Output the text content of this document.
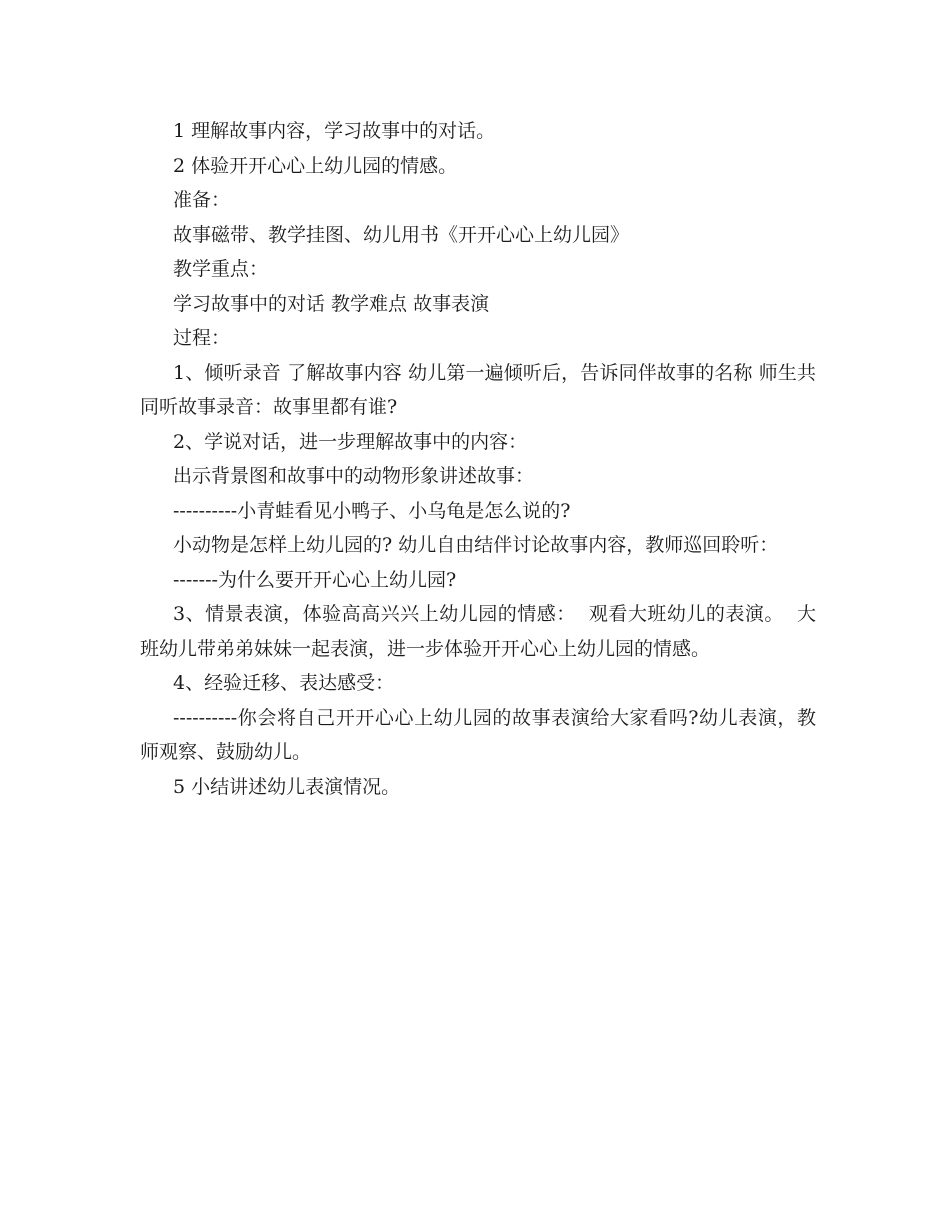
1 理解故事内容，学习故事中的对话。

2 体验开开心心上幼儿园的情感。

准备：

故事磁带、教学挂图、幼儿用书《开开心心上幼儿园》

教学重点：

学习故事中的对话 教学难点 故事表演

过程：

1、倾听录音 了解故事内容 幼儿第一遍倾听后，告诉同伴故事的名称 师生共同听故事录音：故事里都有谁?

2、学说对话，进一步理解故事中的内容：

出示背景图和故事中的动物形象讲述故事：

----------小青蛙看见小鸭子、小乌龟是怎么说的?

小动物是怎样上幼儿园的? 幼儿自由结伴讨论故事内容，教师巡回聆听：

-------为什么要开开心心上幼儿园?

3、情景表演，体验高高兴兴上幼儿园的情感：  观看大班幼儿的表演。  大班幼儿带弟弟妹妹一起表演，进一步体验开开心心上幼儿园的情感。

4、经验迁移、表达感受：

----------你会将自己开开心心上幼儿园的故事表演给大家看吗?幼儿表演，教师观察、鼓励幼儿。

5 小结讲述幼儿表演情况。
